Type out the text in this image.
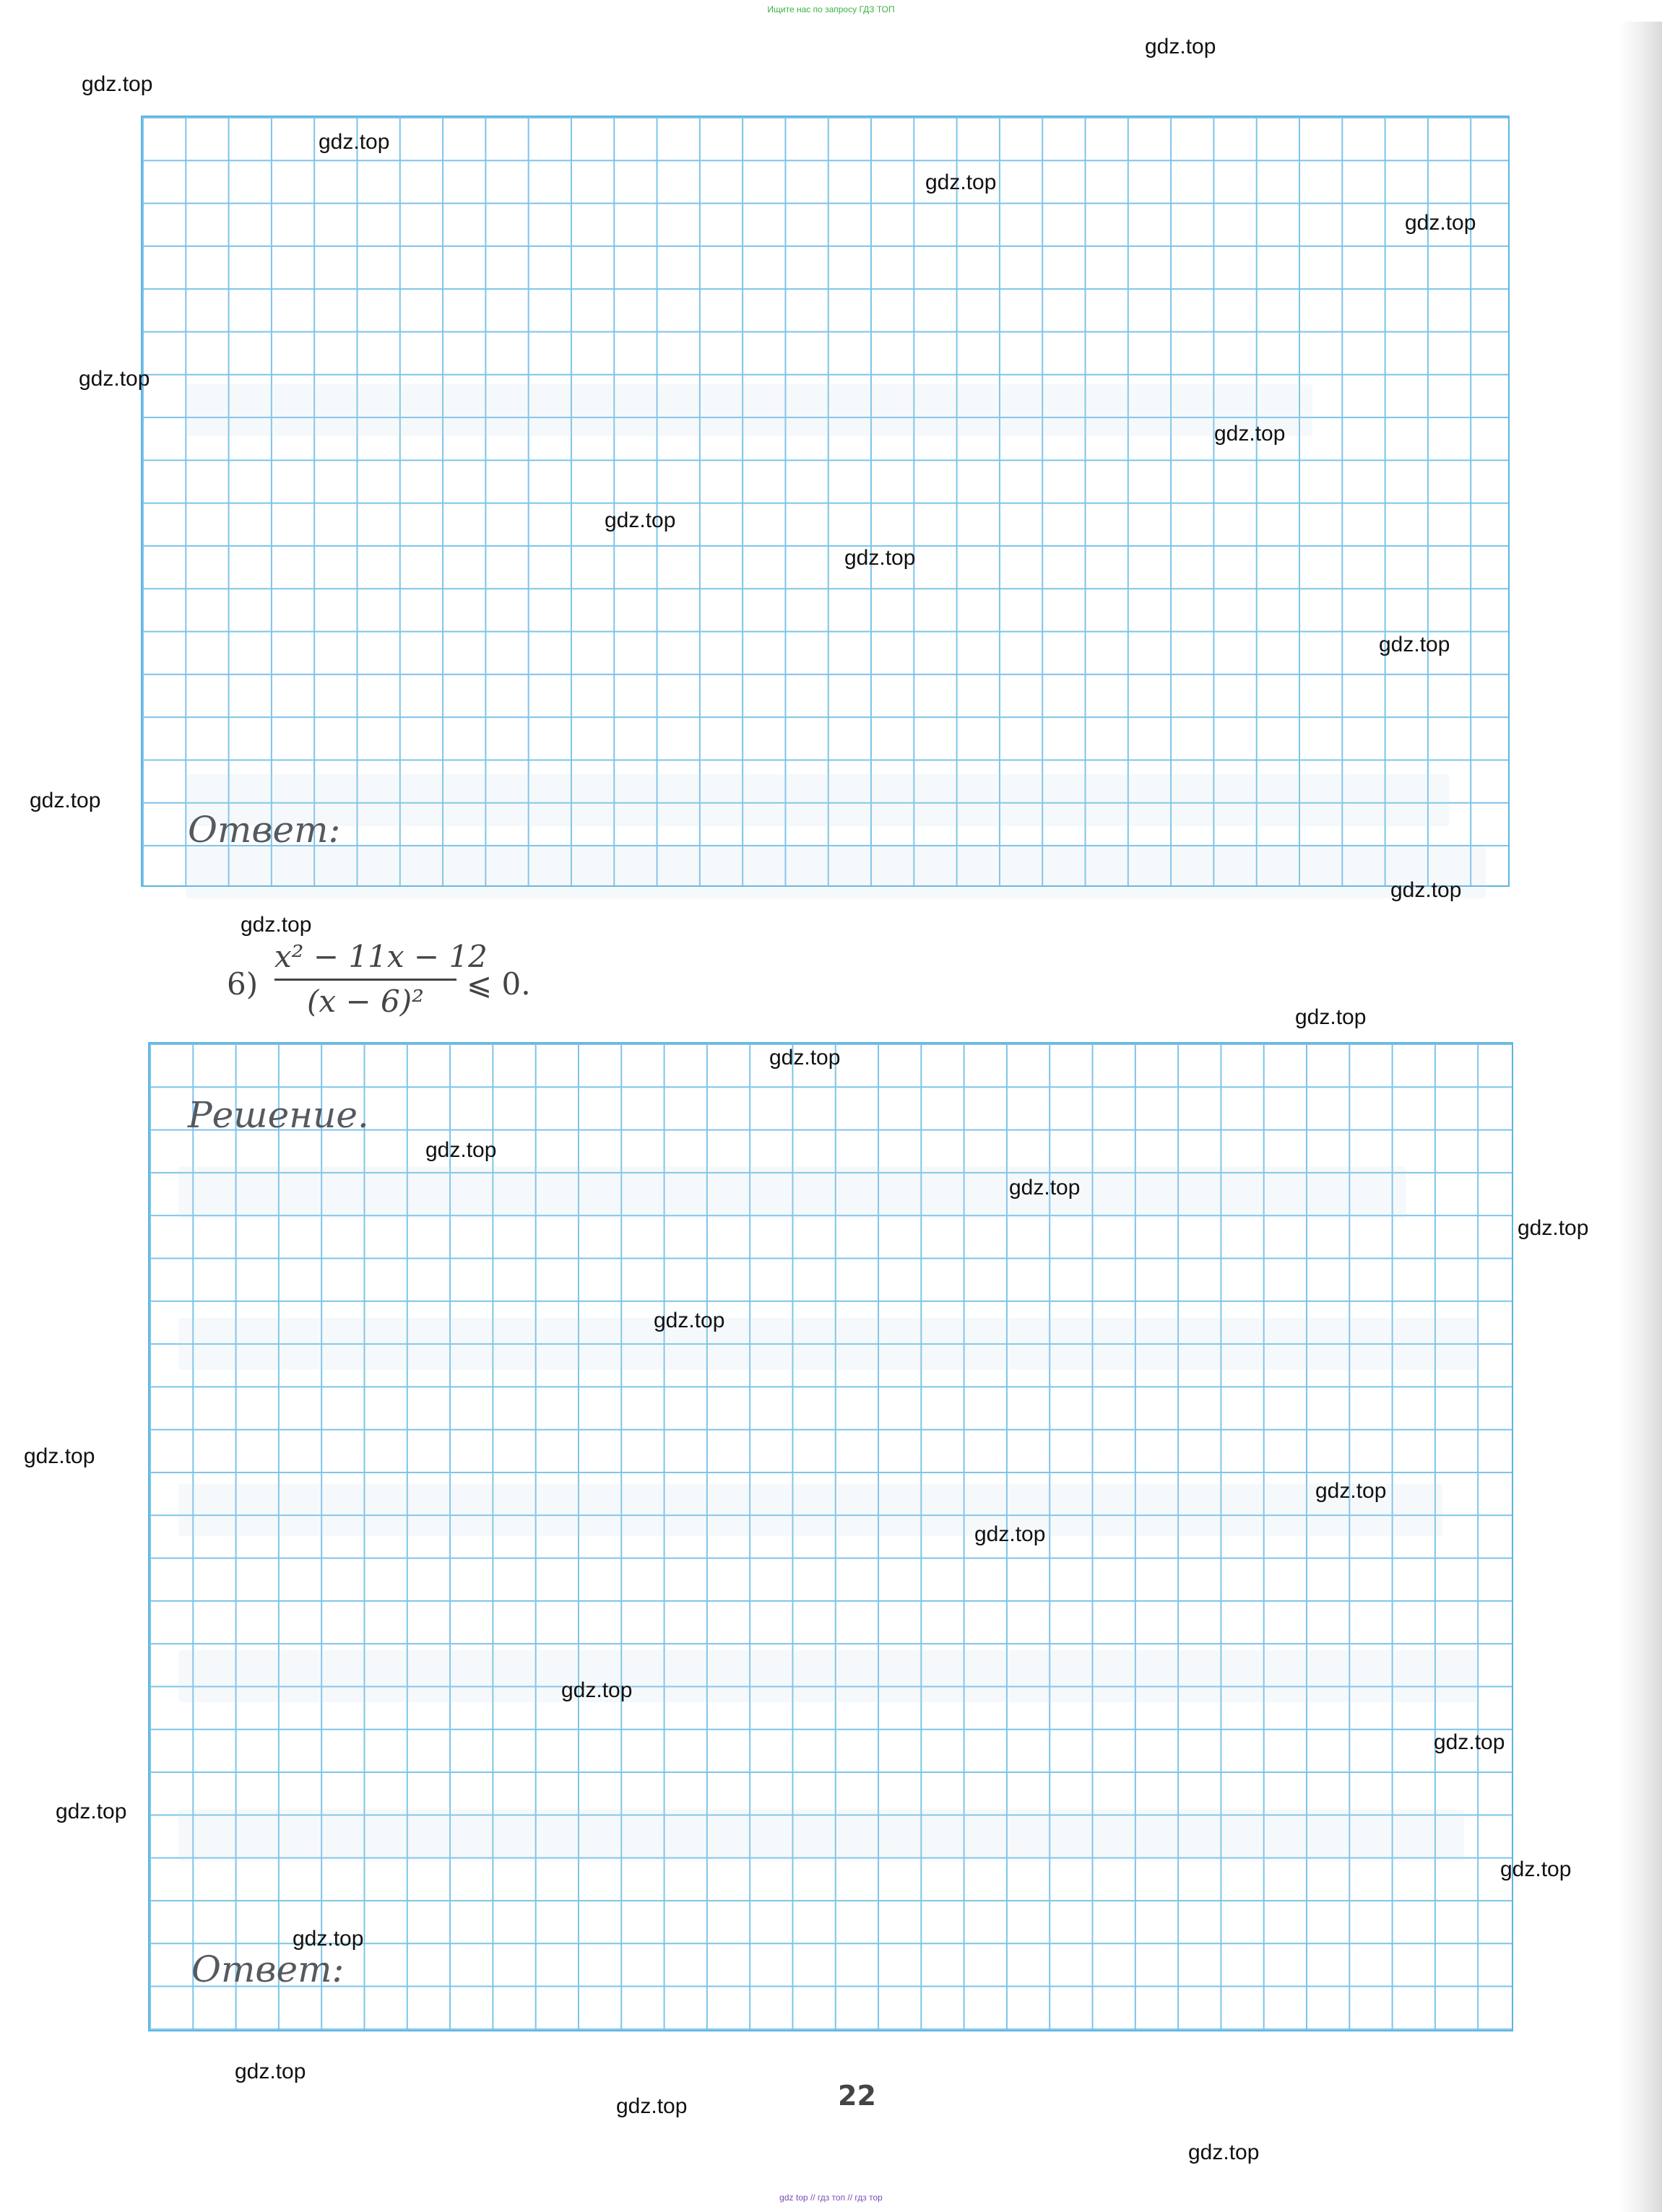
Ищите нас по запросу ГДЗ ТОП
Ответ:
$6) \frac{\text{x² − 11x − 12}}{\text{(x − 6)²}}$ ⩽ 0.
Решение.
Ответ:
22
gdz.top
gdz.top
gdz.top
gdz.top
gdz.top
gdz.top
gdz.top
gdz.top
gdz.top
gdz.top
gdz.top
gdz.top
gdz.top
gdz.top
gdz.top
gdz.top
gdz.top
gdz.top
gdz.top
gdz.top
gdz.top
gdz.top
gdz.top
gdz.top
gdz.top
gdz.top
gdz.top
gdz.top
gdz.top
gdz.top
gdz top // гдз топ // гдз тор
